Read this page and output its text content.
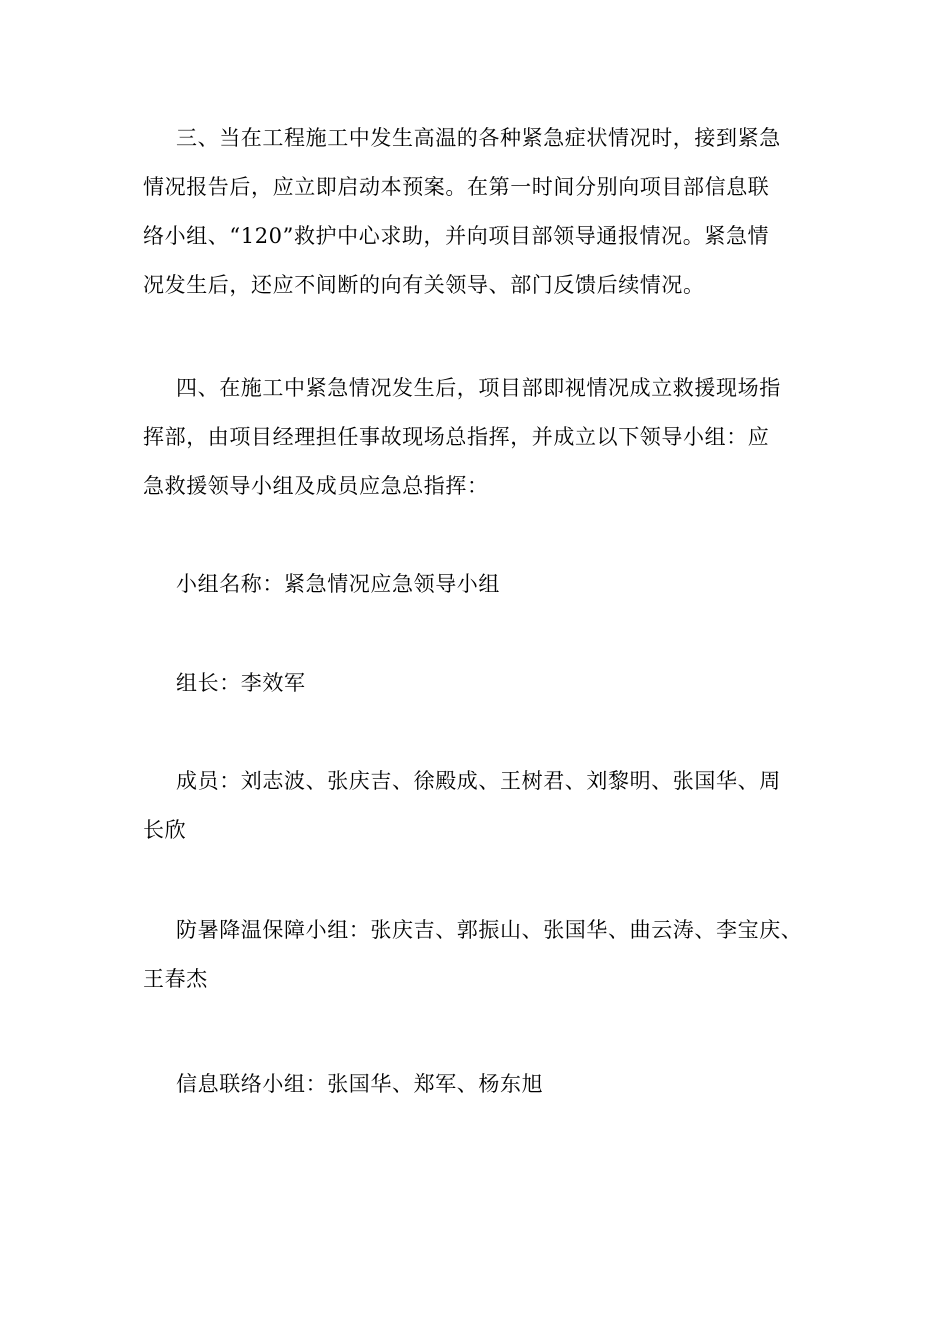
三、当在工程施工中发生高温的各种紧急症状情况时，接到紧急
情况报告后，应立即启动本预案。在第一时间分别向项目部信息联
络小组、“120”救护中心求助，并向项目部领导通报情况。紧急情
况发生后，还应不间断的向有关领导、部门反馈后续情况。

四、在施工中紧急情况发生后，项目部即视情况成立救援现场指
挥部，由项目经理担任事故现场总指挥，并成立以下领导小组：应
急救援领导小组及成员应急总指挥：

小组名称：紧急情况应急领导小组

组长：李效军

成员：刘志波、张庆吉、徐殿成、王树君、刘黎明、张国华、周
长欣

防暑降温保障小组：张庆吉、郭振山、张国华、曲云涛、李宝庆、
王春杰

信息联络小组：张国华、郑军、杨东旭
